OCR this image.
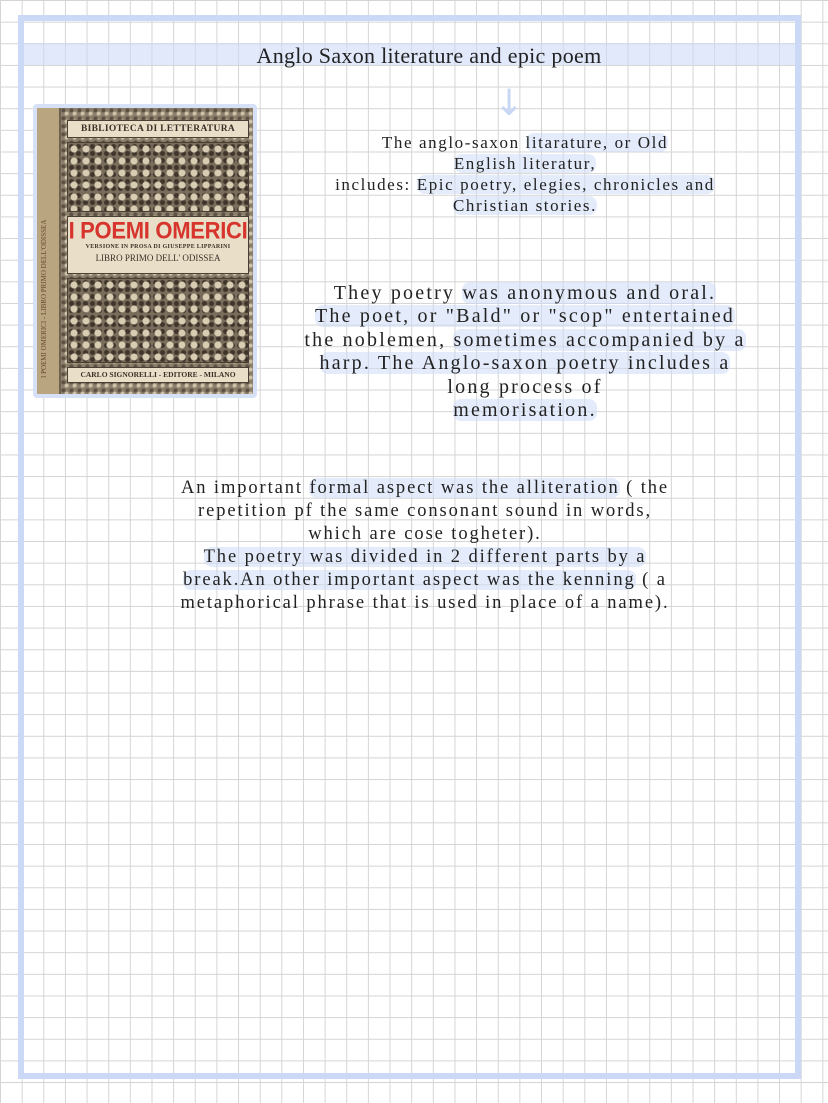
Anglo Saxon literature and epic poem
↓
I POEMI OMERICI - LIBRO PRIMO DELL'ODISSEA
BIBLIOTECA DI LETTERATURA
I POEMI OMERICI
VERSIONE IN PROSA DI GIUSEPPE LIPPARINI
LIBRO PRIMO DELL' ODISSEA
CARLO SIGNORELLI - EDITORE - MILANO
The anglo-saxon litarature, or Old
English literatur,
includes: Epic poetry, elegies, chronicles and
Christian stories.
They poetry was anonymous and oral.
The poet, or "Bald" or "scop" entertained
the noblemen, sometimes accompanied by a
harp. The Anglo-saxon poetry includes a
long process of
memorisation.
An important formal aspect was the alliteration ( the
repetition pf the same consonant sound in words,
which are cose togheter).
The poetry was divided in 2 different parts by a
break.An other important aspect was the kenning ( a
metaphorical phrase that is used in place of a name).
